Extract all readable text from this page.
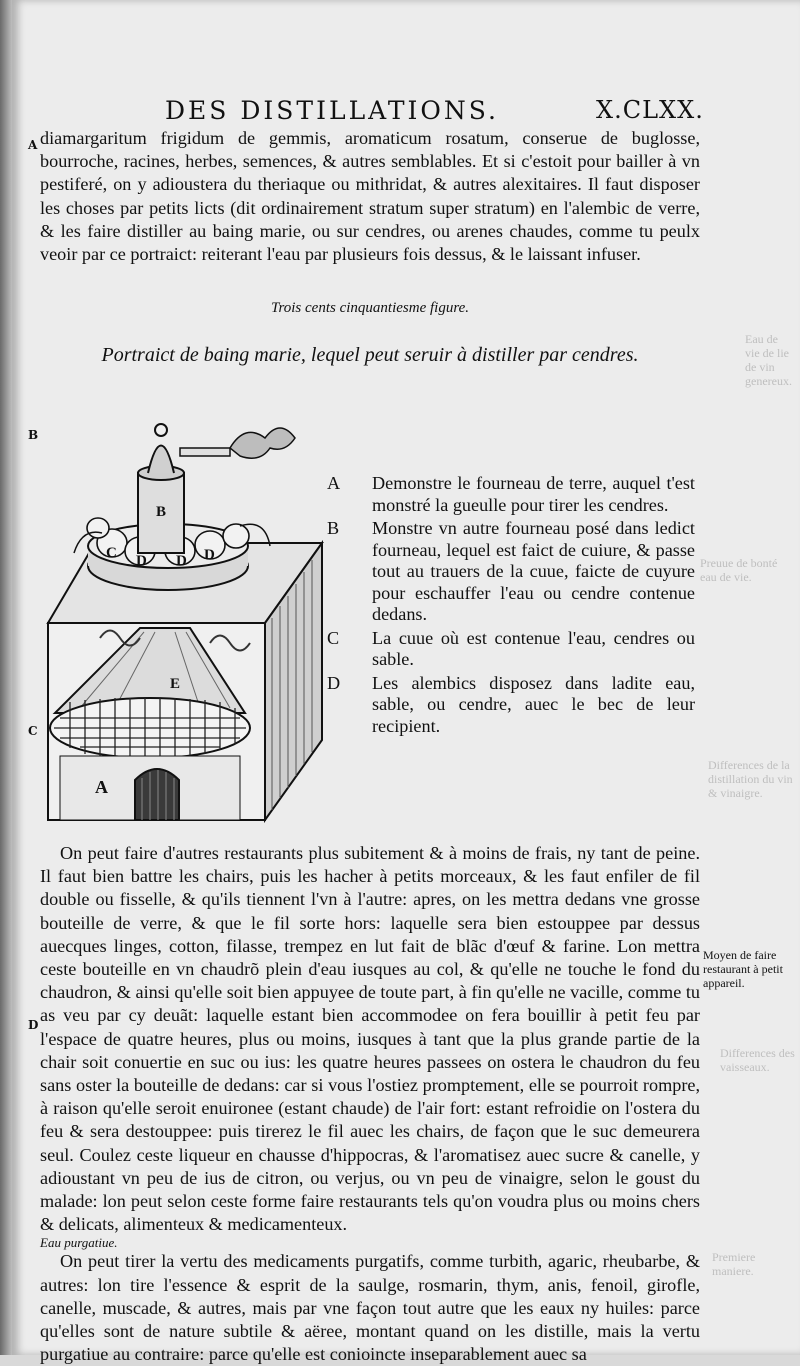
DES DISTILLATIONS.	X.CLXX.
A
B
C
D

diamargaritum frigidum de gemmis, aromaticum rosatum, conserue de buglosse, bourroche, racines, herbes, semences, & autres semblables. Et si c'estoit pour bailler à vn pestiferé, on y adioustera du theriaque ou mithridat, & autres alexitaires. Il faut disposer les choses par petits licts (dit ordinairement stratum super stratum) en l'alembic de verre, & les faire distiller au baing marie, ou sur cendres, ou arenes chaudes, comme tu peulx veoir par ce portraict: reiterant l'eau par plusieurs fois dessus, & le laissant infuser.

Trois cents cinquantiesme figure.
Portraict de baing marie, lequel peut seruir à distiller par cendres.
B
C D D D
E
A
A Demonstre le fourneau de terre, auquel t'est monstré la gueulle pour tirer les cendres.
B Monstre vn autre fourneau posé dans ledict fourneau, lequel est faict de cuiure, & passe tout au trauers de la cuue, faicte de cuyure pour eschauffer l'eau ou cendre contenue dedans.
C La cuue où est contenue l'eau, cendres ou sable.
D Les alembics disposez dans ladite eau, sable, ou cendre, auec le bec de leur recipient.

On peut faire d'autres restaurants plus subitement & à moins de frais, ny tant de peine. Il faut bien battre les chairs, puis les hacher à petits morceaux, & les faut enfiler de fil double ou fisselle, & qu'ils tiennent l'vn à l'autre: apres, on les mettra dedans vne grosse bouteille de verre, & que le fil sorte hors: laquelle sera bien estouppee par dessus auecques linges, cotton, filasse, trempez en lut fait de blãc d'œuf & farine. Lon mettra ceste bouteille en vn chaudrõ plein d'eau iusques au col, & qu'elle ne touche le fond du chaudron, & ainsi qu'elle soit bien appuyee de toute part, à fin qu'elle ne vacille, comme tu as veu par cy deuãt: laquelle estant bien accommodee on fera bouillir à petit feu par l'espace de quatre heures, plus ou moins, iusques à tant que la plus grande partie de la chair soit conuertie en suc ou ius: les quatre heures passees on ostera le chaudron du feu sans oster la bouteille de dedans: car si vous l'ostiez promptement, elle se pourroit rompre, à raison qu'elle seroit enuironee (estant chaude) de l'air fort: estant refroidie on l'ostera du feu & sera destouppee: puis tirerez le fil auec les chairs, de façon que le suc demeurera seul. Coulez ceste liqueur en chausse d'hippocras, & l'aromatisez auec sucre & canelle, y adioustant vn peu de ius de citron, ou verjus, ou vn peu de vinaigre, selon le goust du malade: lon peut selon ceste forme faire restaurants tels qu'on voudra plus ou moins chers & delicats, alimenteux & medicamenteux.

Eau purgatiue.

On peut tirer la vertu des medicaments purgatifs, comme turbith, agaric, rheubarbe, & autres: lon tire l'essence & esprit de la saulge, rosmarin, thym, anis, fenoil, girofle, canelle, muscade, & autres, mais par vne façon tout autre que les eaux ny huiles: parce qu'elles sont de nature subtile & aëree, montant quand on les distille, mais la vertu purgatiue au contraire: parce qu'elle est conioincte inseparablement auec sa

Moyen de faire restaurant à petit appareil.
Eau de vie de lie de vin genereux.
Preuue de bonté eau de vie.
Differences de la distillation du vin & vinaigre.
Differences des vaisseaux.
Premiere maniere.
